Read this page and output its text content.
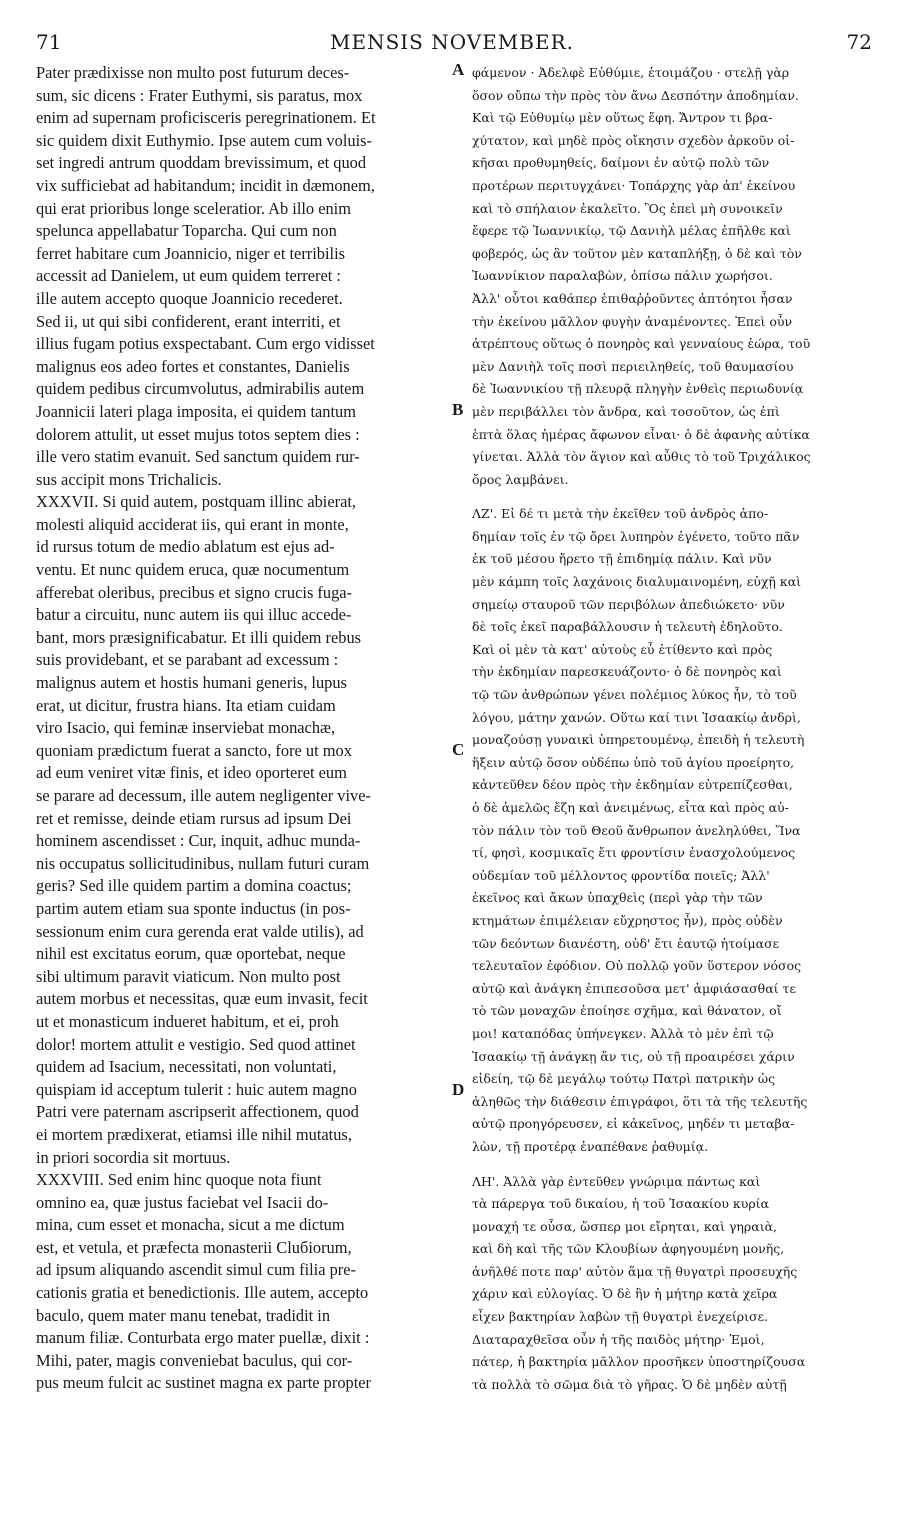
71	MENSIS NOVEMBER.	72
Pater prædixisse non multo post futurum deces-
sum, sic dicens : Frater Euthymi, sis paratus, mox
enim ad supernam proficisceris peregrinationem. Et
sic quidem dixit Euthymio. Ipse autem cum voluis-
set ingredi antrum quoddam brevissimum, et quod
vix sufficiebat ad habitandum; incidit in dæmonem,
qui erat prioribus longe sceleratior. Ab illo enim
spelunca appellabatur Toparcha. Qui cum non
ferret habitare cum Joannicio, niger et terribilis
accessit ad Danielem, ut eum quidem terreret :
ille autem accepto quoque Joannicio recederet.
Sed ii, ut qui sibi confiderent, erant interriti, et
illius fugam potius exspectabant. Cum ergo vidisset
malignus eos adeo fortes et constantes, Danielis
quidem pedibus circumvolutus, admirabilis autem
Joannicii lateri plaga imposita, ei quidem tantum
dolorem attulit, ut esset mujus totos septem dies :
ille vero statim evanuit. Sed sanctum quidem rur-
sus accipit mons Trichalicis.
XXXVII. Si quid autem, postquam illinc abierat,
molesti aliquid acciderat iis, qui erant in monte,
id rursus totum de medio ablatum est ejus ad-
ventu. Et nunc quidem eruca, quæ nocumentum
afferebat oleribus, precibus et signo crucis fuga-
batur a circuitu, nunc autem iis qui illuc accede-
bant, mors præsignificabatur. Et illi quidem rebus
suis providebant, et se parabant ad excessum :
malignus autem et hostis humani generis, lupus
erat, ut dicitur, frustra hians. Ita etiam cuidam
viro Isacio, qui feminæ inserviebat monachæ,
quoniam prædictum fuerat a sancto, fore ut mox
ad eum veniret vitæ finis, et ideo oporteret eum
se parare ad decessum, ille autem negligenter vive-
ret et remisse, deinde etiam rursus ad ipsum Dei
hominem ascendisset : Cur, inquit, adhuc mundа-
nis occupatus sollicitudinibus, nullam futuri curam
geris? Sed ille quidem partim a domina coactus;
partim autem etiam sua sponte inductus (in pos-
sessionum enim cura gerenda erat valde utilis), ad
nihil est excitatus eorum, quæ oportebat, neque
sibi ultimum paravit viaticum. Non multo post
autem morbus et necessitas, quæ eum invasit, fecit
ut et monasticum indueret habitum, et ei, proh
dolor! mortem attulit e vestigio. Sed quod attinet
quidem ad Isacium, necessitati, non voluntati,
quispiam id acceptum tulerit : huic autem magno
Patri vere paternam ascripserit affectionem, quod
ei mortem prædixerat, etiamsi ille nihil mutatus,
in priori socordia sit mortuus.
XXXVIII. Sed enim hinc quoque nota fiunt
omnino ea, quæ justus faciebat vel Isacii do-
mina, cum esset et monacha, sicut a me dictum
est, et vetula, et præfecta monasterii Cluбiorum,
ad ipsum aliquando ascendit simul cum filia pre-
cationis gratia et benedictionis. Ille autem, accepto
baculo, quem mater manu tenebat, tradidit in
manum filiæ. Conturbata ergo mater puellæ, dixit :
Mihi, pater, magis conveniebat baculus, qui cor-
pus meum fulcit ac sustinet magna ex parte propter
A
B
C
D
φάμενον · Ἀδελφὲ Εὐθύμιε, ἑτοιμάζου · στελῇ γὰρ
ὅσον οὔπω τὴν πρὸς τὸν ἄνω Δεσπότην ἀποδημίαν.
Καὶ τῷ Εὐθυμίῳ μὲν οὕτως ἔφη. Ἄντρον τι βρα-
χύτατον, καὶ μηδὲ πρὸς οἴκησιν σχεδὸν ἀρκοῦν οἰ-
κῆσαι προθυμηθείς, δαίμονι ἐν αὐτῷ πολὺ τῶν
προτέρων περιτυγχάνει· Τοπάρχης γὰρ ἀπ' ἐκείνου
καὶ τὸ σπήλαιον ἐκαλεῖτο. Ὃς ἐπεὶ μὴ συνοικεῖν
ἔφερε τῷ Ἰωαννικίῳ, τῷ Δανιὴλ μέλας ἐπῆλθε καὶ
φοβερός, ὡς ἂν τοῦτον μὲν καταπλήξῃ, ὁ δὲ καὶ τὸν
Ἰωαννίκιον παραλαβὼν, ὀπίσω πάλιν χωρήσοι.
Ἀλλ' οὗτοι καθάπερ ἐπιθαῤῥοῦντες ἀπτόητοι ἦσαν
τὴν ἐκείνου μᾶλλον φυγὴν ἀναμένοντες. Ἐπεὶ οὖν
ἀτρέπτους οὕτως ὁ πονηρὸς καὶ γενναίους ἑώρα, τοῦ
μὲν Δανιὴλ τοῖς ποσὶ περιειληθείς, τοῦ θαυμασίου
δὲ Ἰωαννικίου τῇ πλευρᾷ πληγὴν ἐνθεὶς περιωδυνίᾳ
μὲν περιβάλλει τὸν ἄνδρα, καὶ τοσοῦτον, ὡς ἐπὶ
ἑπτὰ ὅλας ἡμέρας ἄφωνον εἶναι· ὁ δὲ ἀφανὴς αὐτίκα
γίνεται. Ἀλλὰ τὸν ἅγιον καὶ αὖθις τὸ τοῦ Τριχάλικος
ὄρος λαμβάνει.
ΛΖ'. Εἰ δέ τι μετὰ τὴν ἐκεῖθεν τοῦ ἀνδρὸς ἀπο-
δημίαν τοῖς ἐν τῷ ὄρει λυπηρὸν ἐγένετο, τοῦτο πᾶν
ἐκ τοῦ μέσου ἤρετο τῇ ἐπιδημίᾳ πάλιν. Καὶ νῦν
μὲν κάμπη τοῖς λαχάνοις διαλυμαινομένη, εὐχῇ καὶ
σημείῳ σταυροῦ τῶν περιβόλων ἀπεδιώκετο· νῦν
δὲ τοῖς ἐκεῖ παραβάλλουσιν ἡ τελευτὴ ἐδηλοῦτο.
Καὶ οἱ μὲν τὰ κατ' αὐτοὺς εὖ ἐτίθεντο καὶ πρὸς
τὴν ἐκδημίαν παρεσκευάζοντο· ὁ δὲ πονηρὸς καὶ
τῷ τῶν ἀνθρώπων γένει πολέμιος λύκος ἦν, τὸ τοῦ
λόγου, μάτην χανών. Οὕτω καί τινι Ἰσαακίῳ ἀνδρὶ,
μοναζούσῃ γυναικὶ ὑπηρετουμένῳ, ἐπειδὴ ἡ τελευτὴ
ἥξειν αὐτῷ ὅσον οὐδέπω ὑπὸ τοῦ ἁγίου προείρητο,
κἀντεῦθεν δέον πρὸς τὴν ἐκδημίαν εὐτρεπίζεσθαι,
ὁ δὲ ἀμελῶς ἔζη καὶ ἀνειμένως, εἶτα καὶ πρὸς αὐ-
τὸν πάλιν τὸν τοῦ Θεοῦ ἄνθρωπον ἀνεληλύθει, Ἵνα
τί, φησὶ, κοσμικαῖς ἔτι φροντίσιν ἐνασχολούμενος
οὐδεμίαν τοῦ μέλλοντος φροντίδα ποιεῖς; Ἀλλ'
ἐκεῖνος καὶ ἄκων ὑπαχθεὶς (περὶ γὰρ τὴν τῶν
κτημάτων ἐπιμέλειαν εὔχρηστος ἦν), πρὸς οὐδὲν
τῶν δεόντων διανέστη, οὐδ' ἔτι ἑαυτῷ ἡτοίμασε
τελευταῖον ἐφόδιον. Οὐ πολλῷ γοῦν ὕστερον νόσος
αὐτῷ καὶ ἀνάγκη ἐπιπεσοῦσα μετ' ἀμφιάσασθαί τε
τὸ τῶν μοναχῶν ἐποίησε σχῆμα, καὶ θάνατον, οἴ
μοι! καταπόδας ὑπήνεγκεν. Ἀλλὰ τὸ μὲν ἐπὶ τῷ
Ἰσαακίῳ τῇ ἀνάγκῃ ἄν τις, οὐ τῇ προαιρέσει χάριν
εἰδείη, τῷ δὲ μεγάλῳ τούτῳ Πατρὶ πατρικὴν ὡς
ἀληθῶς τὴν διάθεσιν ἐπιγράφοι, ὅτι τὰ τῆς τελευτῆς
αὐτῷ προηγόρευσεν, εἰ κἀκεῖνος, μηδέν τι μεταβα-
λὼν, τῇ προτέρᾳ ἐναπέθανε ῥαθυμίᾳ.
ΛΗ'. Ἀλλὰ γὰρ ἐντεῦθεν γνώριμα πάντως καὶ
τὰ πάρεργα τοῦ δικαίου, ἡ τοῦ Ἰσαακίου κυρία
μοναχή τε οὖσα, ὥσπερ μοι εἴρηται, καὶ γηραιὰ,
καὶ δὴ καὶ τῆς τῶν Κλουβίων ἀφηγουμένη μονῆς,
ἀνῆλθέ ποτε παρ' αὐτὸν ἅμα τῇ θυγατρὶ προσευχῆς
χάριν καὶ εὐλογίας. Ὁ δὲ ἣν ἡ μήτηρ κατὰ χεῖρα
εἶχεν βακτηρίαν λαβὼν τῇ θυγατρὶ ἐνεχείρισε.
Διαταραχθεῖσα οὖν ἡ τῆς παιδὸς μήτηρ· Ἐμοὶ,
πάτερ, ἡ βακτηρία μᾶλλον προσῆκεν ὑποστηρίζουσα
τὰ πολλὰ τὸ σῶμα διὰ τὸ γῆρας. Ὁ δὲ μηδὲν αὐτῇ
